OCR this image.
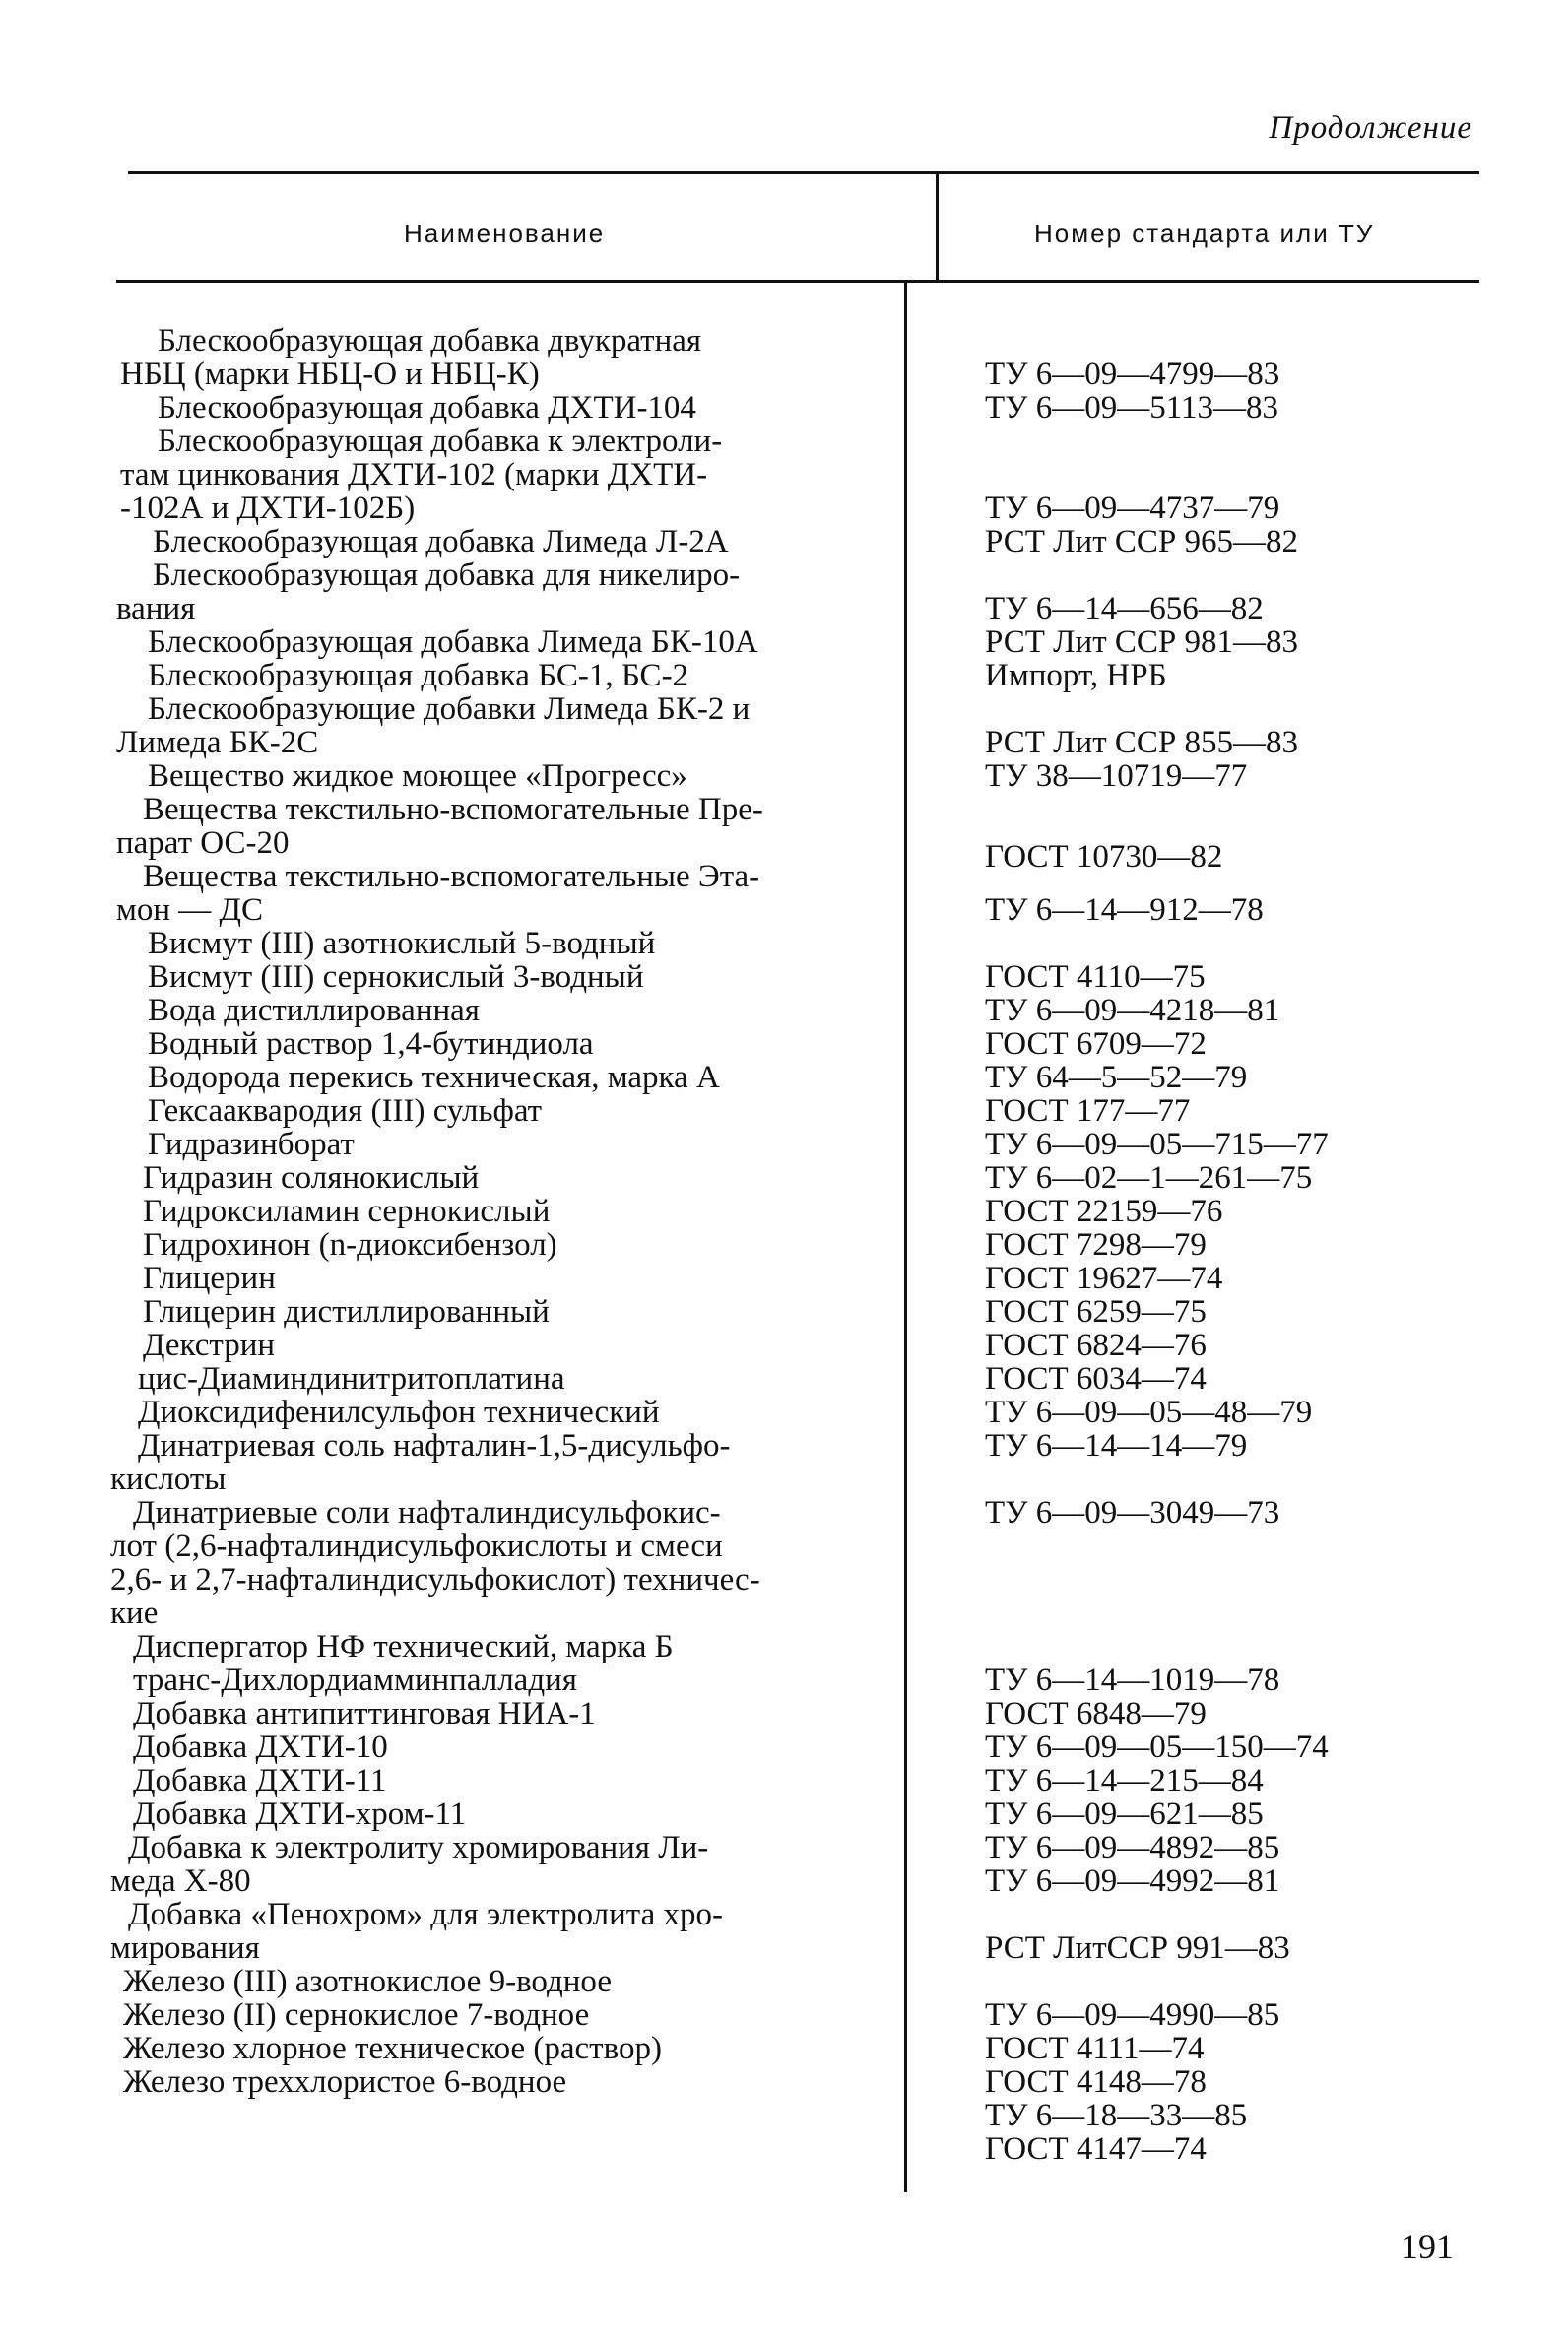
Продолжение
Наименование	Номер стандарта или ТУ
Блескообразующая добавка двукратная
НБЦ (марки НБЦ-О и НБЦ-К)
Блескообразующая добавка ДХТИ-104
Блескообразующая добавка к электроли-
там цинкования ДХТИ-102 (марки ДХТИ-
-102А и ДХТИ-102Б)
Блескообразующая добавка Лимеда Л-2А
Блескообразующая добавка для никелиро-
вания
Блескообразующая добавка Лимеда БК-10А
Блескообразующая добавка БС-1, БС-2
Блескообразующие добавки Лимеда БК-2 и
Лимеда БК-2С
Вещество жидкое моющее «Прогресс»
Вещества текстильно-вспомогательные Пре-
парат ОС-20
Вещества текстильно-вспомогательные Эта-
мон — ДС
Висмут (III) азотнокислый 5-водный
Висмут (III) сернокислый 3-водный
Вода дистиллированная
Водный раствор 1,4-бутиндиола
Водорода перекись техническая, марка А
Гексааквародия (III) сульфат
Гидразинборат
Гидразин солянокислый
Гидроксиламин сернокислый
Гидрохинон (n-диоксибензол)
Глицерин
Глицерин дистиллированный
Декстрин
цис-Диаминдинитритоплатина
Диоксидифенилсульфон технический
Динатриевая соль нафталин-1,5-дисульфо-
кислоты
Динатриевые соли нафталиндисульфокис-
лот (2,6-нафталиндисульфокислоты и смеси
2,6- и 2,7-нафталиндисульфокислот) техничес-
кие
Диспергатор НФ технический, марка Б
транс-Дихлордиамминпалладия
Добавка антипиттинговая НИА-1
Добавка ДХТИ-10
Добавка ДХТИ-11
Добавка ДХТИ-хром-11
Добавка к электролиту хромирования Ли-
меда Х-80
Добавка «Пенохром» для электролита хро-
мирования
Железо (III) азотнокислое 9-водное
Железо (II) сернокислое 7-водное
Железо хлорное техническое (раствор)
Железо треххлористое 6-водное
ТУ 6—09—4799—83
ТУ 6—09—5113—83
ТУ 6—09—4737—79
РСТ Лит ССР 965—82
ТУ 6—14—656—82
РСТ Лит ССР 981—83
Импорт, НРБ
РСТ Лит ССР 855—83
ТУ 38—10719—77
ГОСТ 10730—82
ТУ 6—14—912—78
ГОСТ 4110—75
ТУ 6—09—4218—81
ГОСТ 6709—72
ТУ 64—5—52—79
ГОСТ 177—77
ТУ 6—09—05—715—77
ТУ 6—02—1—261—75
ГОСТ 22159—76
ГОСТ 7298—79
ГОСТ 19627—74
ГОСТ 6259—75
ГОСТ 6824—76
ГОСТ 6034—74
ТУ 6—09—05—48—79
ТУ 6—14—14—79
ТУ 6—09—3049—73
ТУ 6—14—1019—78
ГОСТ 6848—79
ТУ 6—09—05—150—74
ТУ 6—14—215—84
ТУ 6—09—621—85
ТУ 6—09—4892—85
ТУ 6—09—4992—81
РСТ ЛитССР 991—83
ТУ 6—09—4990—85
ГОСТ 4111—74
ГОСТ 4148—78
ТУ 6—18—33—85
ГОСТ 4147—74
191
